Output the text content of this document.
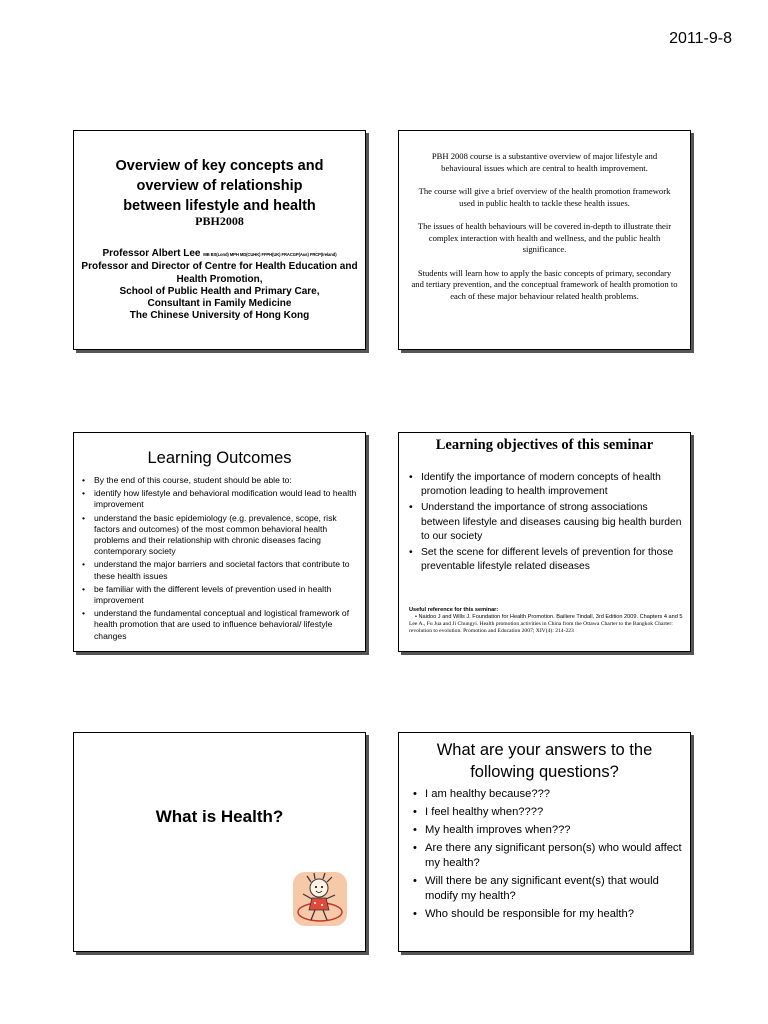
2011-9-8
Overview of key concepts and
overview of relationship
between lifestyle and health
PBH2008
Professor Albert Lee MB BS(Lond) MPH MD(CUHK) FFPH(UK) FRACGP(Aus) FRCP(Ireland)
Professor and Director of Centre for Health Education and Health Promotion,
School of Public Health and Primary Care,
Consultant in Family Medicine
The Chinese University of Hong Kong

PBH 2008 course is a substantive overview of major lifestyle and behavioural issues which are central to health improvement.

The course will give a brief overview of the health promotion framework used in public health to tackle these health issues.

The issues of health behaviours will be covered in-depth to illustrate their complex interaction with health and wellness, and the public health significance.

Students will learn how to apply the basic concepts of primary, secondary and tertiary prevention, and the conceptual framework of health promotion to each of these major behaviour related health problems.

Learning Outcomes
• By the end of this course, student should be able to:
• identify how lifestyle and behavioral modification would lead to health improvement
• understand the basic epidemiology (e.g. prevalence, scope, risk factors and outcomes) of the most common behavioral health problems and their relationship with chronic diseases facing contemporary society
• understand the major barriers and societal factors that contribute to these health issues
• be familiar with the different levels of prevention used in health improvement
• understand the fundamental conceptual and logistical framework of health promotion that are used to influence behavioral/ lifestyle changes
Learning objectives of this seminar
• Identify the importance of modern concepts of health promotion leading to health improvement
• Understand the importance of strong associations between lifestyle and diseases causing big health burden to our society
• Set the scene for different levels of prevention for those preventable lifestyle related diseases
Useful reference for this seminar:
• Naidoo J and Wills J. Foundation for Health Promotion. Bailiere Tindall, 3rd Edition 2009. Chapters 4 and 5
Lee A., Fu Jua and Ji Chungyi. Health promotion activities in China from the Ottawa Charter to the Bangkok Charter: revolution to evolution. Promotion and Education 2007; XIV(4): 214-223
What is Health?
What are your answers to the following questions?
• I am healthy because???
• I feel healthy when????
• My health improves when???
• Are there any significant person(s) who would affect my health?
• Will there be any significant event(s) that would modify my health?
• Who should be responsible for my health?
